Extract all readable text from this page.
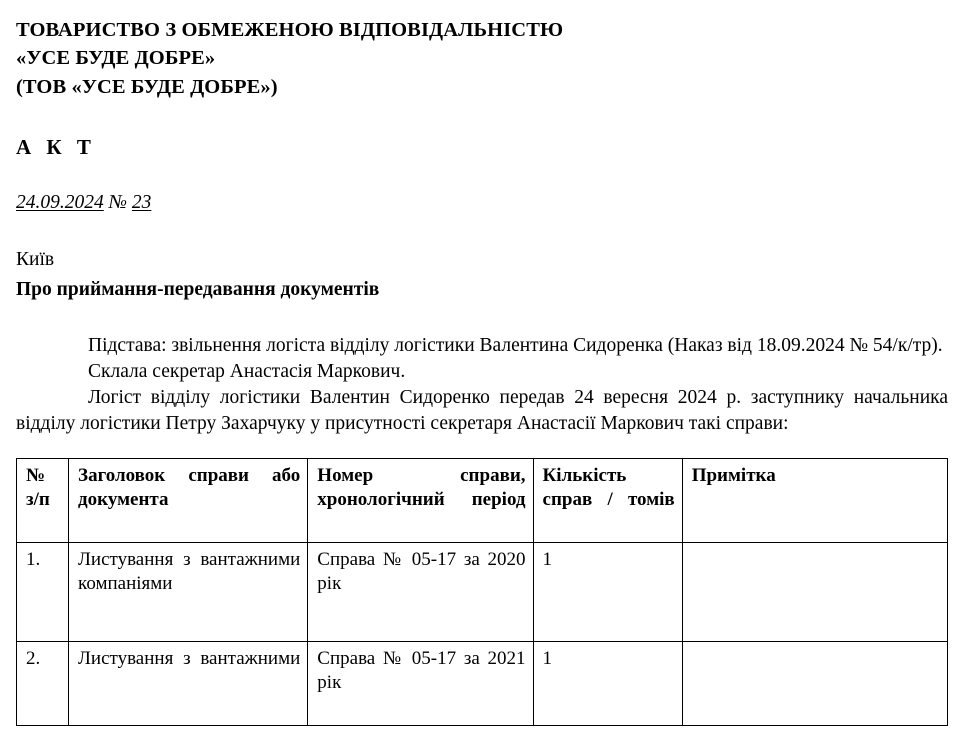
ТОВАРИСТВО З ОБМЕЖЕНОЮ ВІДПОВІДАЛЬНІСТЮ
«УСЕ БУДЕ ДОБРЕ»
(ТОВ «УСЕ БУДЕ ДОБРЕ»)
А К Т
24.09.2024 № 23
Київ
Про приймання-передавання документів

Підстава: звільнення логіста відділу логістики Валентина Сидоренка (Наказ від 18.09.2024 № 54/к/тр).

Склала секретар Анастасія Маркович.

Логіст відділу логістики Валентин Сидоренко передав 24 вересня 2024 р. заступнику начальника відділу логістики Петру Захарчуку у присутності секретаря Анастасії Маркович такі справи:

№
з/п	Заголовок справи або документа	Номер справи, хронологічний період	Кількість справ / томів	Примітка
1.	Листування з вантажними компаніями	Справа № 05-17 за 2020 рік	1	
2.	Листування з вантажними	Справа № 05-17 за 2021 рік	1	
